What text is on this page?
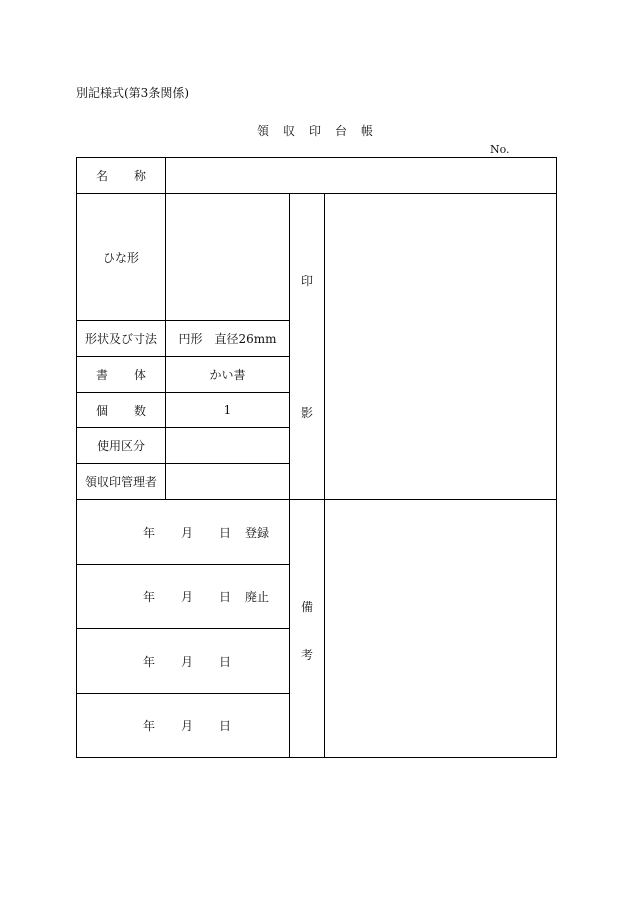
別記様式(第3条関係)
領 収 印 台 帳
No.
名 称
ひな形
形状及び寸法	円形　直径26mm
書 体	かい書
個 数	1
使用区分
領収印管理者
印
影
年 月 日 登録
年 月 日 廃止
年 月 日
年 月 日
備
考
